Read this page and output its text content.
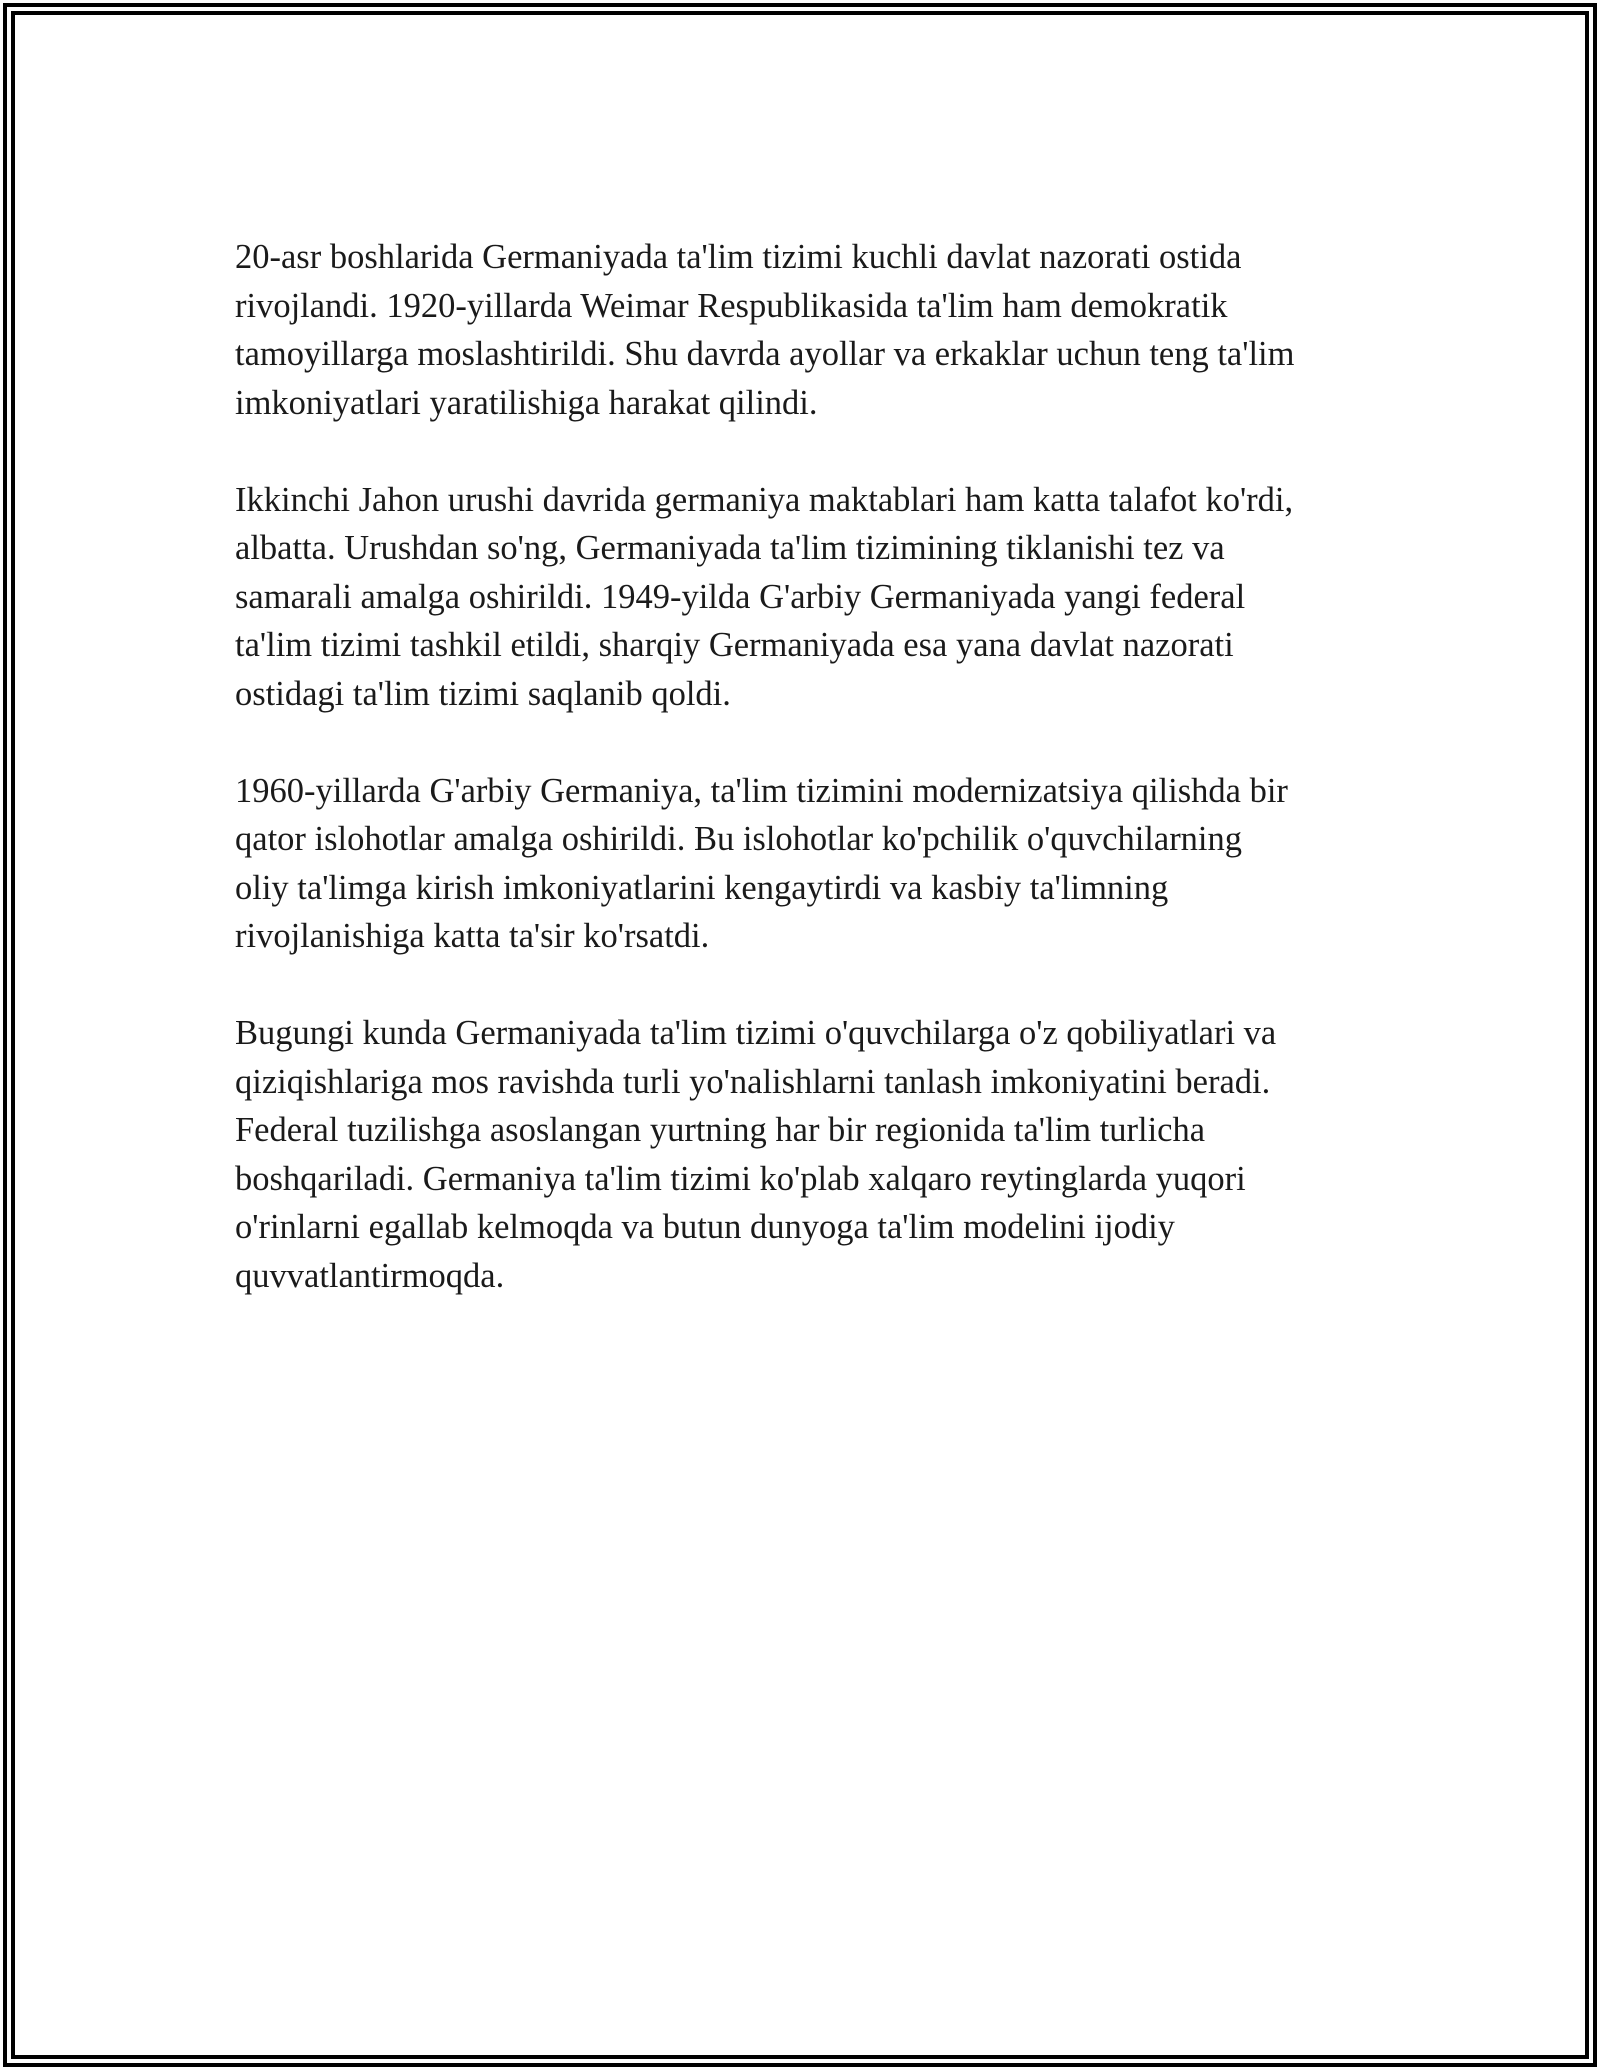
20-asr boshlarida Germaniyada ta'lim tizimi kuchli davlat nazorati ostida
rivojlandi. 1920-yillarda Weimar Respublikasida ta'lim ham demokratik
tamoyillarga moslashtirildi. Shu davrda ayollar va erkaklar uchun teng ta'lim
imkoniyatlari yaratilishiga harakat qilindi.

Ikkinchi Jahon urushi davrida germaniya maktablari ham katta talafot ko'rdi,
albatta. Urushdan so'ng, Germaniyada ta'lim tizimining tiklanishi tez va
samarali amalga oshirildi. 1949-yilda G'arbiy Germaniyada yangi federal
ta'lim tizimi tashkil etildi, sharqiy Germaniyada esa yana davlat nazorati
ostidagi ta'lim tizimi saqlanib qoldi.

1960-yillarda G'arbiy Germaniya, ta'lim tizimini modernizatsiya qilishda bir
qator islohotlar amalga oshirildi. Bu islohotlar ko'pchilik o'quvchilarning
oliy ta'limga kirish imkoniyatlarini kengaytirdi va kasbiy ta'limning
rivojlanishiga katta ta'sir ko'rsatdi.

Bugungi kunda Germaniyada ta'lim tizimi o'quvchilarga o'z qobiliyatlari va
qiziqishlariga mos ravishda turli yo'nalishlarni tanlash imkoniyatini beradi.
Federal tuzilishga asoslangan yurtning har bir regionida ta'lim turlicha
boshqariladi. Germaniya ta'lim tizimi ko'plab xalqaro reytinglarda yuqori
o'rinlarni egallab kelmoqda va butun dunyoga ta'lim modelini ijodiy
quvvatlantirmoqda.
